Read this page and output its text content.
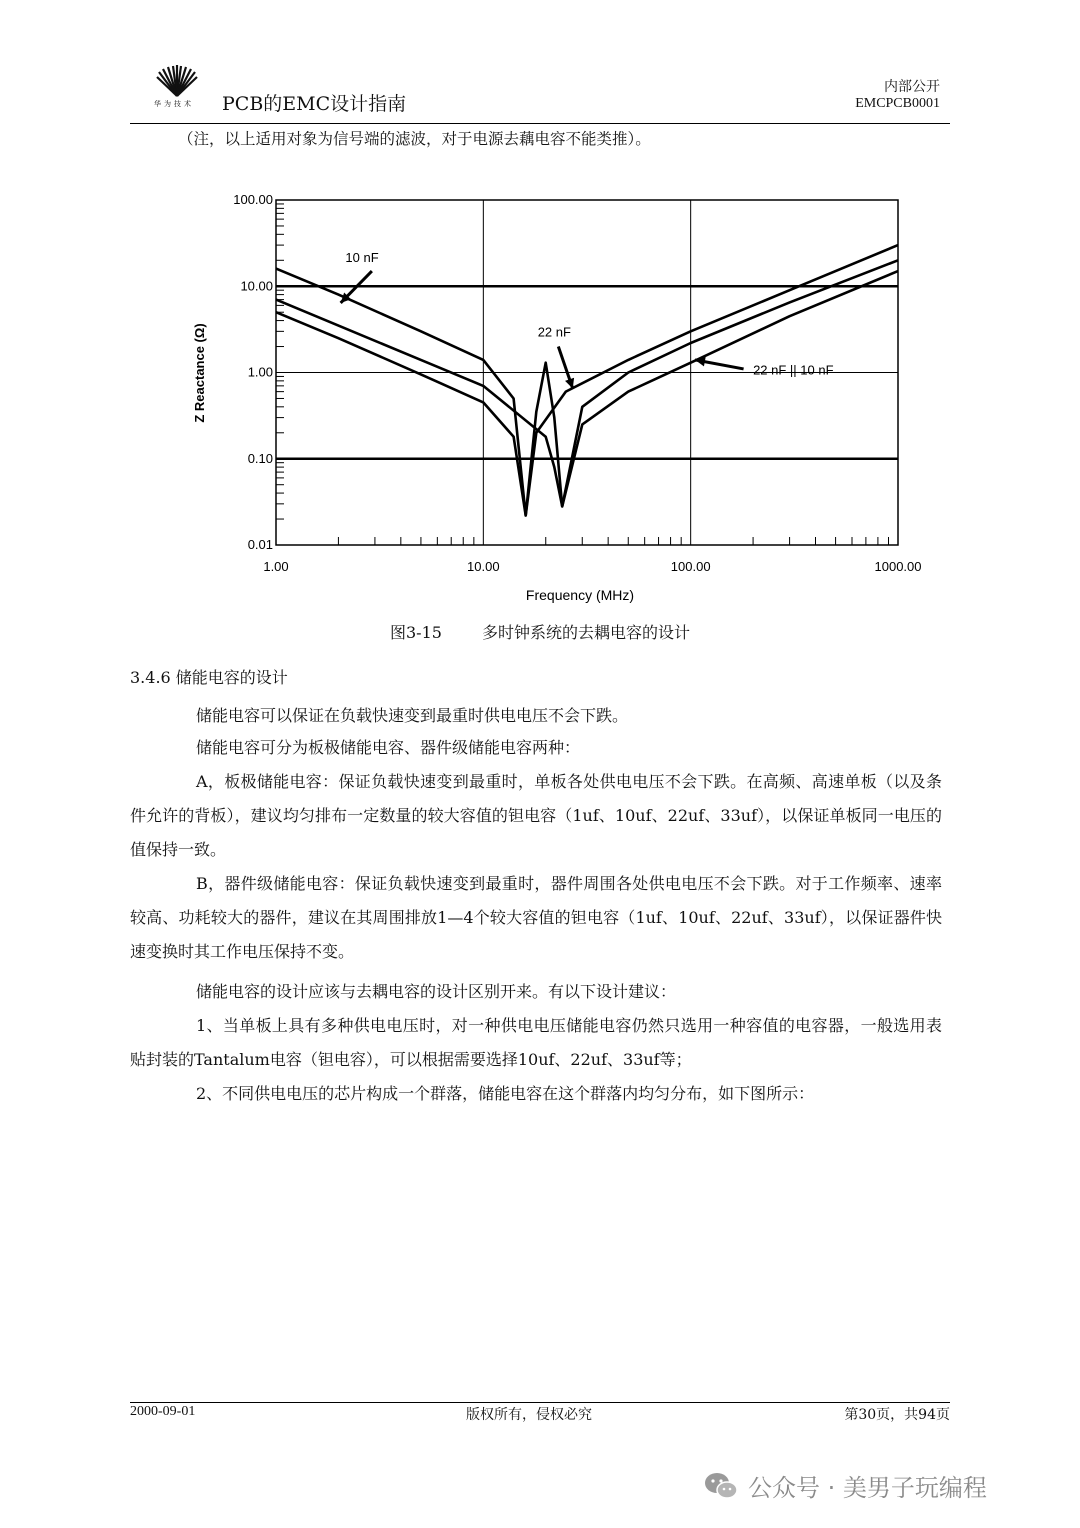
华为技术 PCB的EMC设计指南
内部公开
EMCPCB0001
（注，以上适用对象为信号端的滤波，对于电源去藕电容不能类推）。
1.00	10.00	100.00	1000.00
100.00
10.00
1.00
0.10
0.01
10 nF
22 nF
22 nF || 10 nF
Frequency (MHz)
Z Reactance (Ω)
图3-15	多时钟系统的去耦电容的设计
3.4.6 储能电容的设计
储能电容可以保证在负载快速变到最重时供电电压不会下跌。
储能电容可分为板极储能电容、器件级储能电容两种：
A，板极储能电容：保证负载快速变到最重时，单板各处供电电压不会下跌。在高频、高速单板（以及条件允许的背板），建议均匀排布一定数量的较大容值的钽电容（1uf、10uf、22uf、33uf），以保证单板同一电压的值保持一致。
B，器件级储能电容：保证负载快速变到最重时，器件周围各处供电电压不会下跌。对于工作频率、速率较高、功耗较大的器件，建议在其周围排放1—4个较大容值的钽电容（1uf、10uf、22uf、33uf），以保证器件快速变换时其工作电压保持不变。
储能电容的设计应该与去耦电容的设计区别开来。有以下设计建议：
1、当单板上具有多种供电电压时，对一种供电电压储能电容仍然只选用一种容值的电容器，一般选用表贴封装的Tantalum电容（钽电容），可以根据需要选择10uf、22uf、33uf等；
2、不同供电电压的芯片构成一个群落，储能电容在这个群落内均匀分布，如下图所示：
2000-09-01	版权所有，侵权必究	第30页，共94页
公众号 · 美男子玩编程
